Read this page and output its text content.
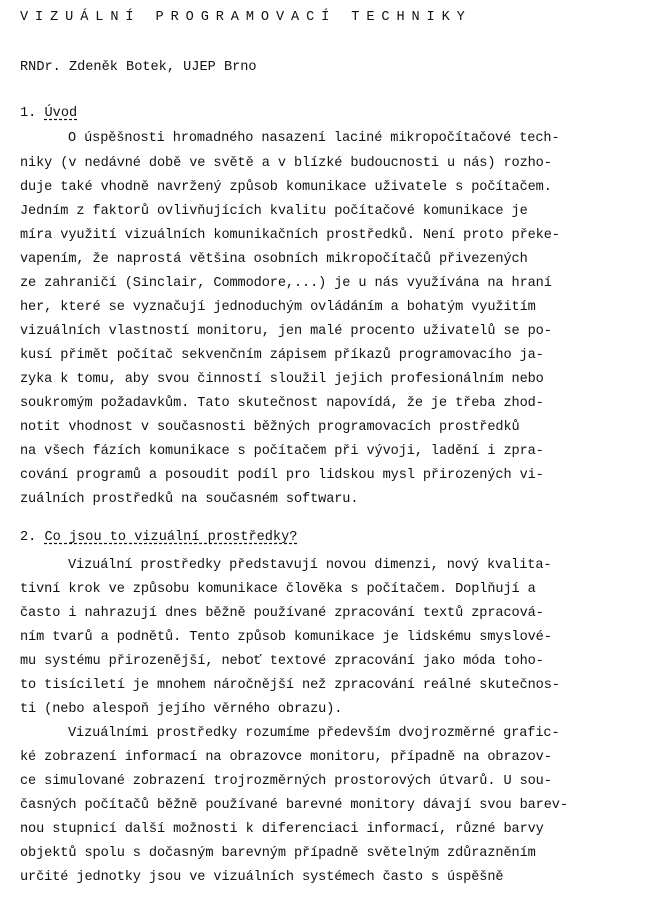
VIZUÁLNÍ PROGRAMOVACÍ TECHNIKY
RNDr. Zdeněk Botek, UJEP Brno
1. Úvod
O úspěšnosti hromadného nasazení laciné mikropočítačové tech-
niky (v nedávné době ve světě a v blízké budoucnosti u nás) rozho-
duje také vhodně navržený způsob komunikace uživatele s počítačem.
Jedním z faktorů ovlivňujících kvalitu počítačové komunikace je
míra využití vizuálních komunikačních prostředků. Není proto překe-
vapením, že naprostá většina osobních mikropočítačů přivezených
ze zahraničí (Sinclair, Commodore,...) je u nás využívána na hraní
her, které se vyznačují jednoduchým ovládáním a bohatým využitím
vizuálních vlastností monitoru, jen malé procento uživatelů se po-
kusí přimět počítač sekvenčním zápisem příkazů programovacího ja-
zyka k tomu, aby svou činností sloužil jejich profesionálním nebo
soukromým požadavkům. Tato skutečnost napovídá, že je třeba zhod-
notit vhodnost v současnosti běžných programovacích prostředků
na všech fázích komunikace s počítačem při vývoji, ladění i zpra-
cování programů a posoudit podíl pro lidskou mysl přirozených vi-
zuálních prostředků na současném softwaru.
2. Co jsou to vizuální prostředky?
Vizuální prostředky představují novou dimenzi, nový kvalita-
tivní krok ve způsobu komunikace člověka s počítačem. Doplňují a
často i nahrazují dnes běžně používané zpracování textů zpracová-
ním tvarů a podnětů. Tento způsob komunikace je lidskému smyslové-
mu systému přirozenější, neboť textové zpracování jako móda toho-
to tisíciletí je mnohem náročnější než zpracování reálné skutečnos-
ti (nebo alespoň jejího věrného obrazu).
Vizuálními prostředky rozumíme především dvojrozměrné grafic-
ké zobrazení informací na obrazovce monitoru, případně na obrazov-
ce simulované zobrazení trojrozměrných prostorových útvarů. U sou-
časných počítačů běžně používané barevné monitory dávají svou barev-
nou stupnicí další možnosti k diferenciaci informací, různé barvy
objektů spolu s dočasným barevným případně světelným zdůrazněním
určité jednotky jsou ve vizuálních systémech často s úspěšně
